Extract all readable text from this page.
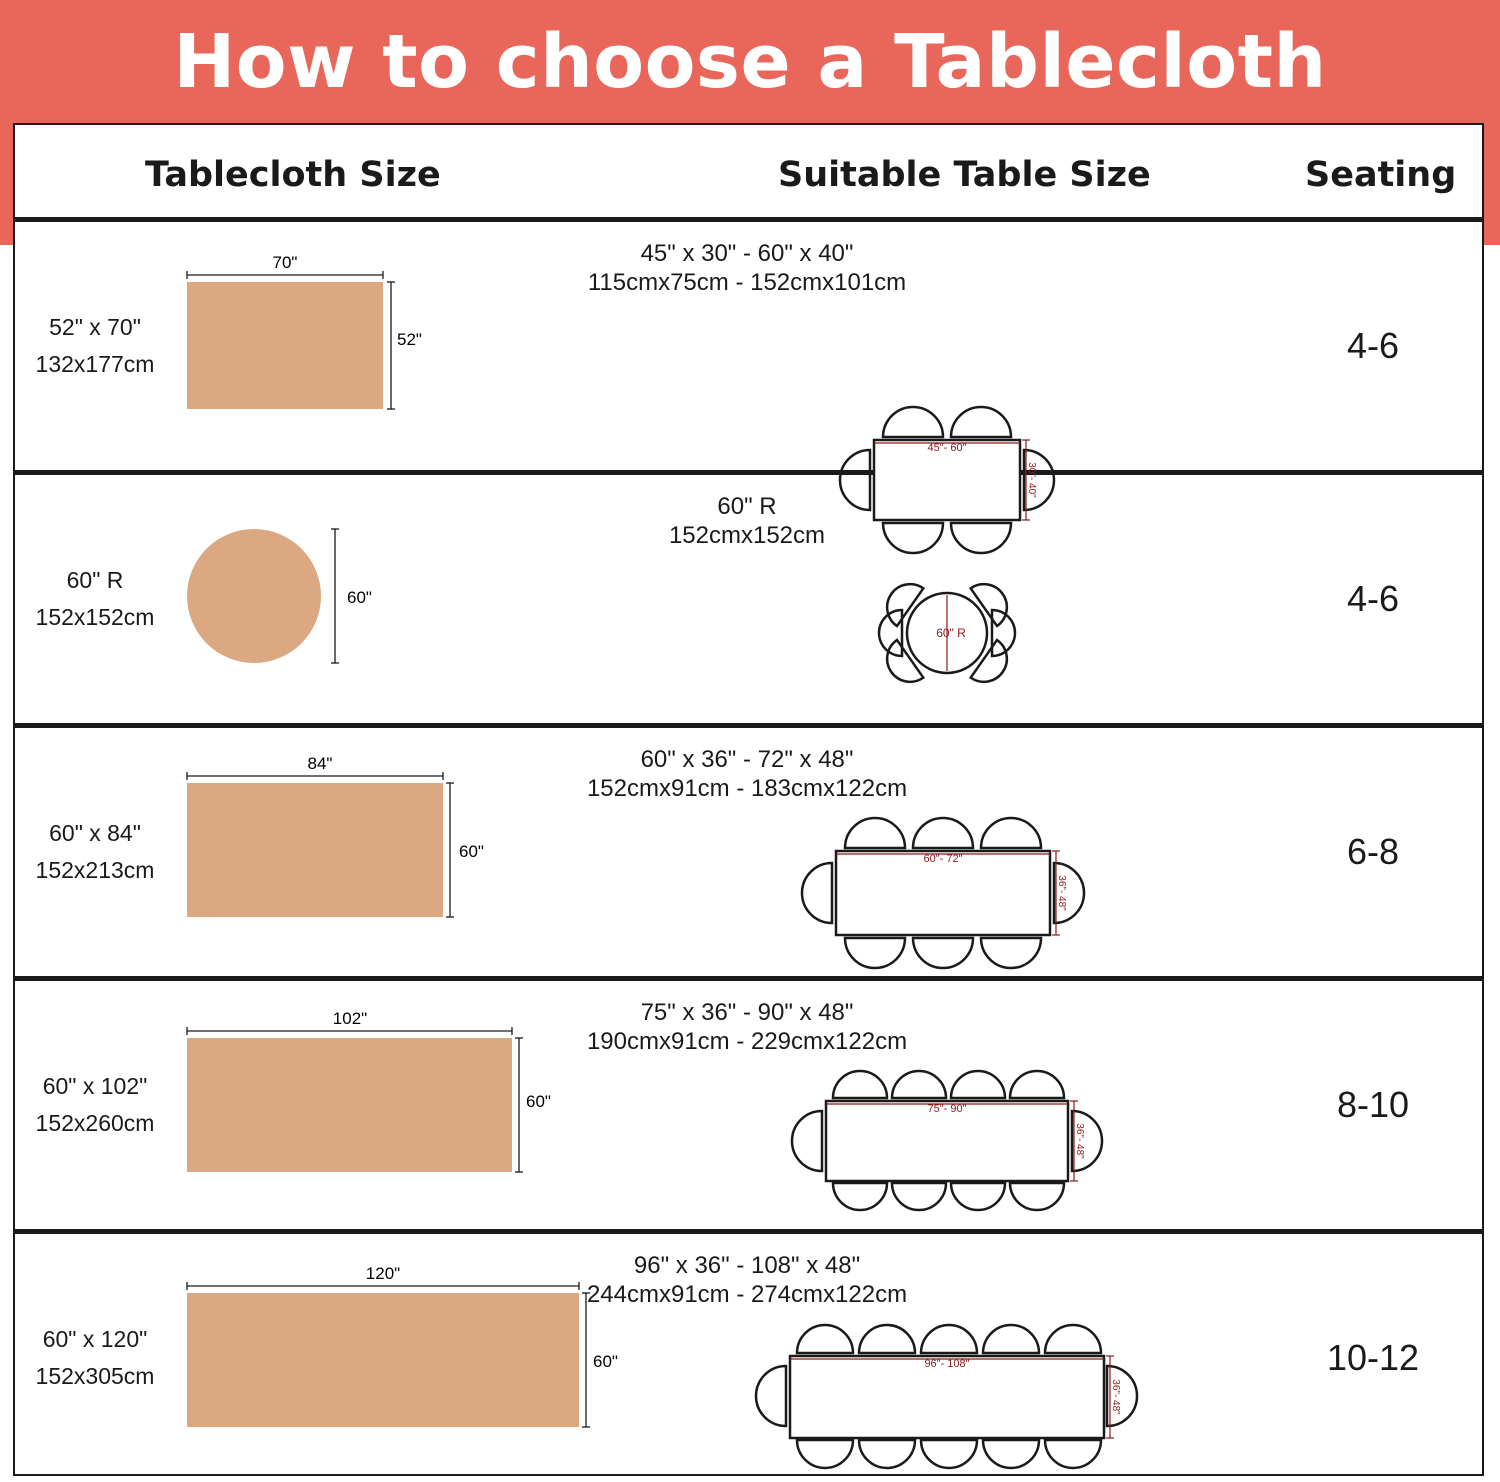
How to choose a Tablecloth
Tablecloth Size	Suitable Table Size	Seating
52" x 70"
132x177cm
70"
52"
45" x 30" - 60" x 40"
115cmx75cm - 152cmx101cm
45"- 60"
30"- 40"
4-6
60" R
152x152cm
60"
60" R
152cmx152cm
60" R
4-6
60" x 84"
152x213cm
84"
60"
60" x 36" - 72" x 48"
152cmx91cm - 183cmx122cm
60"- 72"
36"- 48"
6-8
60" x 102"
152x260cm
102"
60"
75" x 36" - 90" x 48"
190cmx91cm - 229cmx122cm
75"- 90"
36"- 48"
8-10
60" x 120"
152x305cm
120"
60"
96" x 36" - 108" x 48"
244cmx91cm - 274cmx122cm
96"- 108"
36"- 48"
10-12
